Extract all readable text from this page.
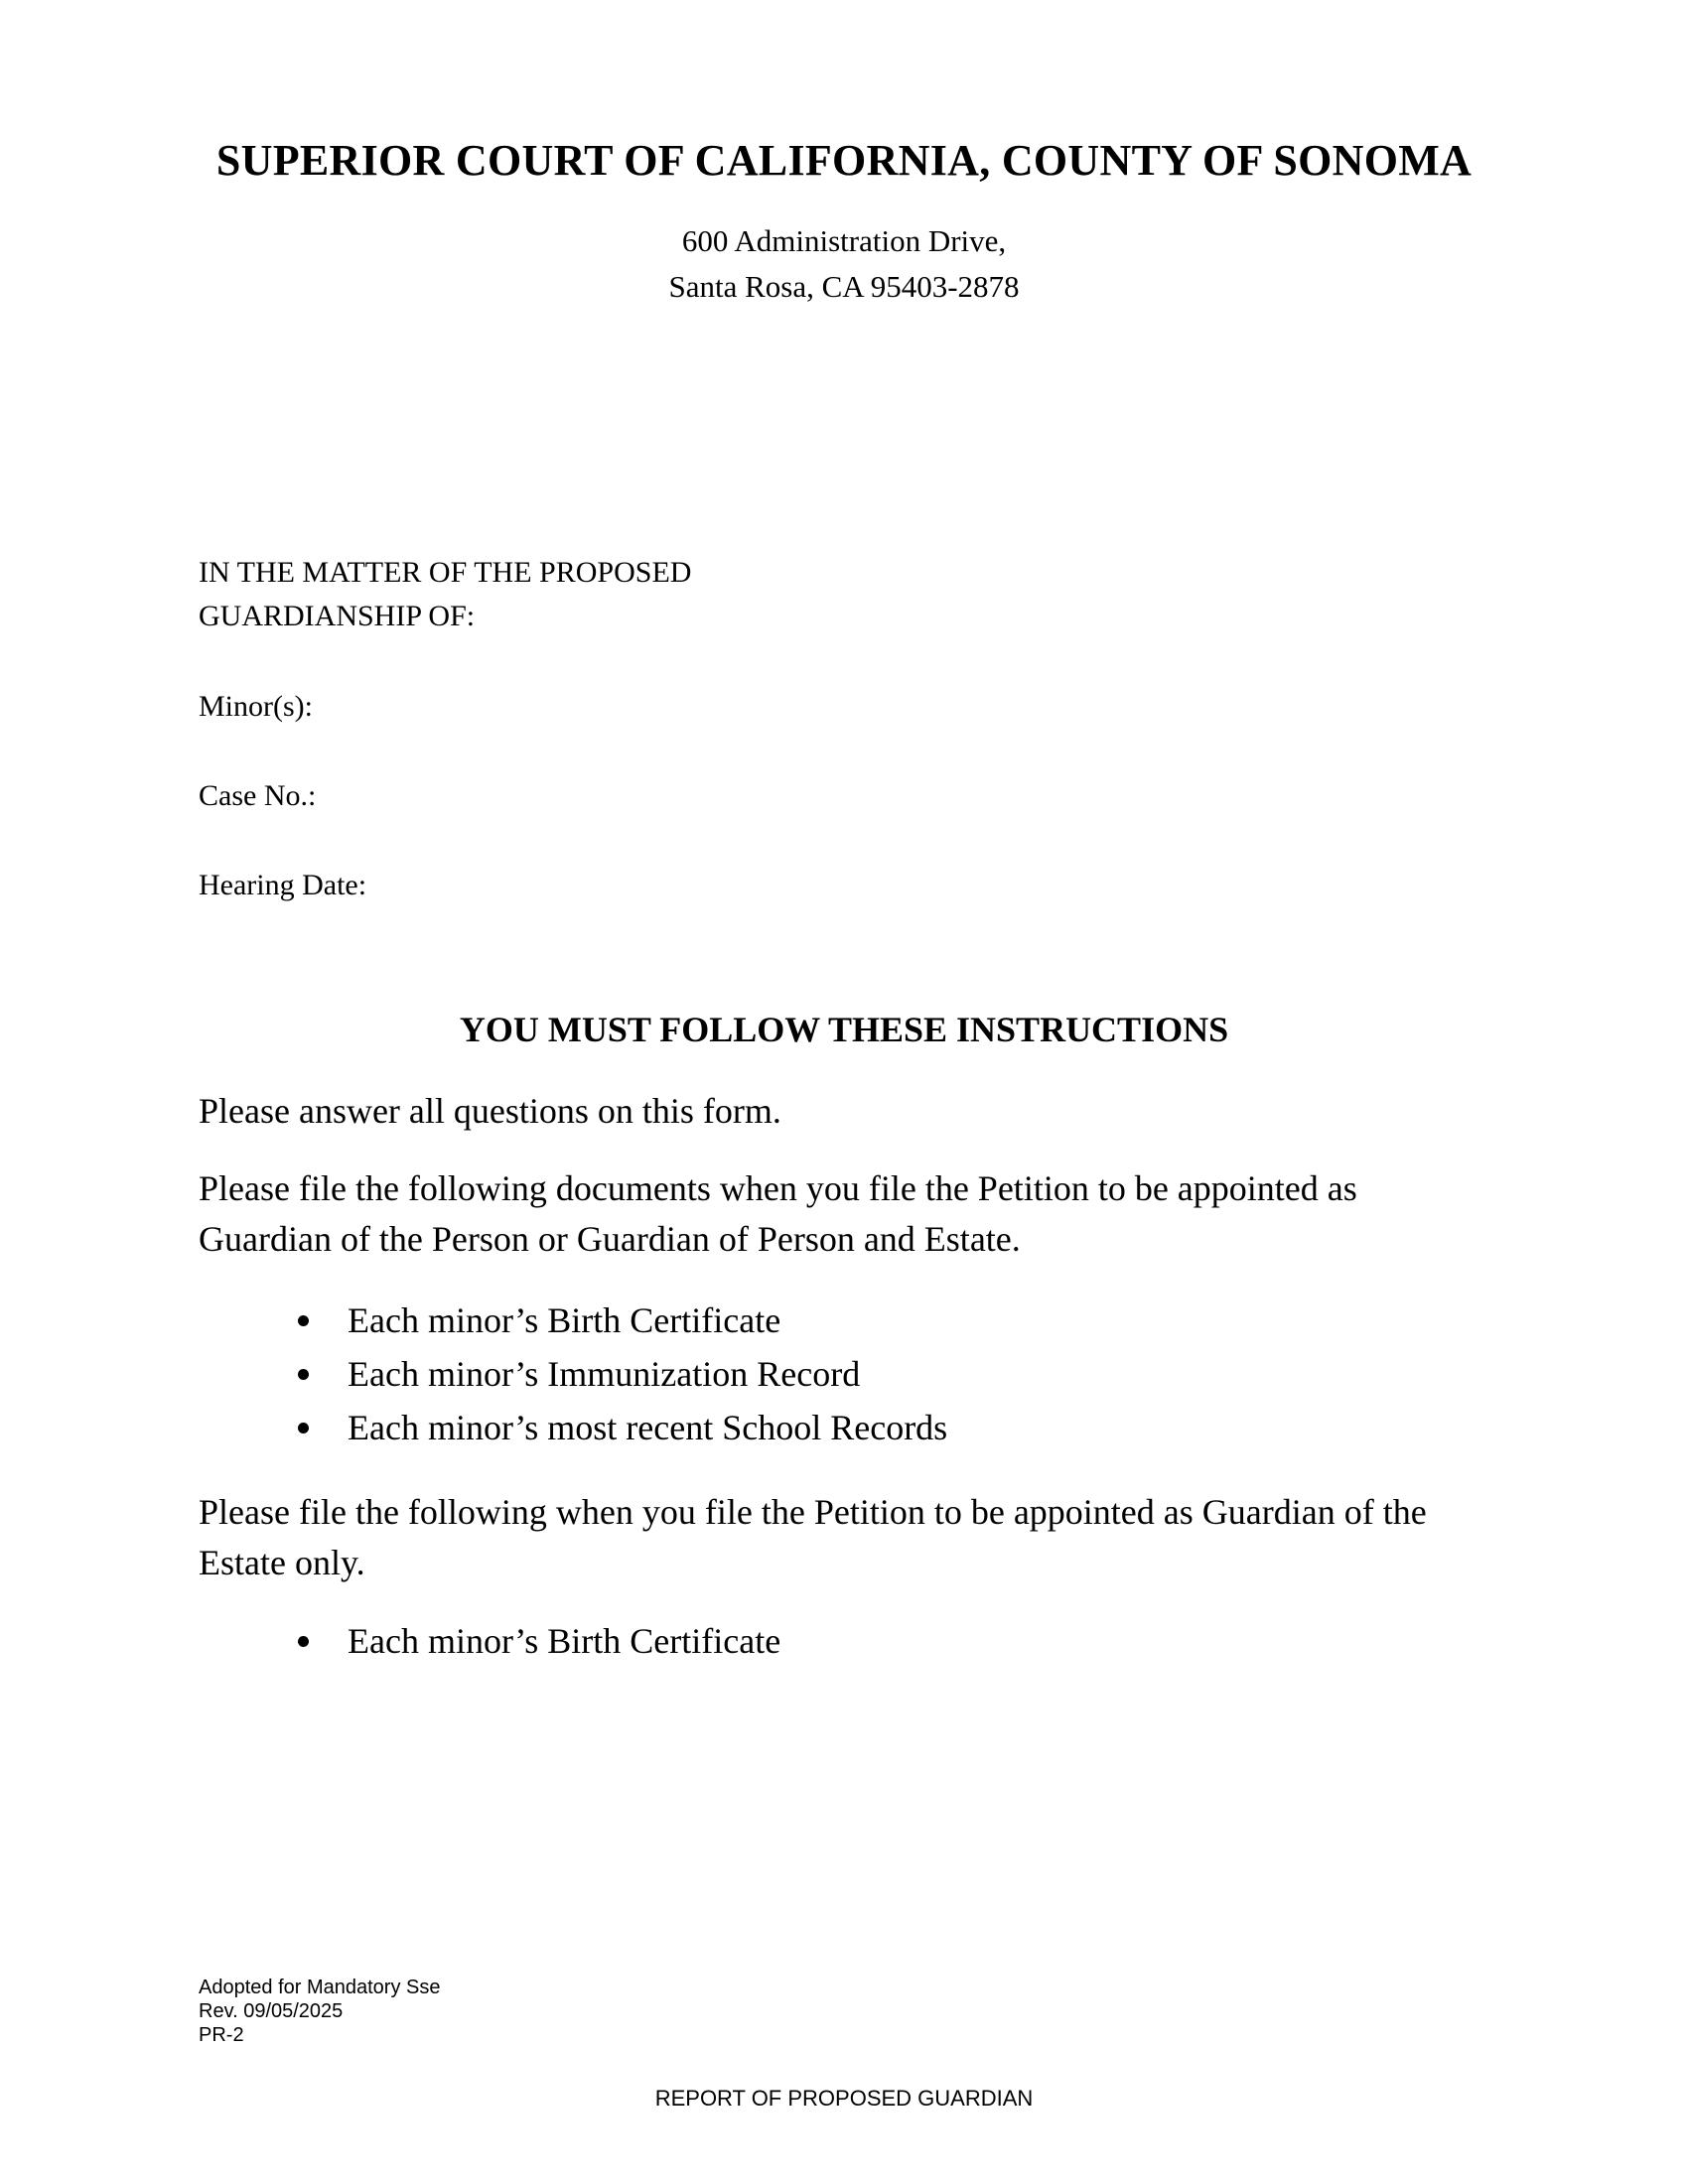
SUPERIOR COURT OF CALIFORNIA, COUNTY OF SONOMA
600 Administration Drive,
Santa Rosa, CA 95403-2878
IN THE MATTER OF THE PROPOSED
GUARDIANSHIP OF:
Minor(s):
Case No.:
Hearing Date:
YOU MUST FOLLOW THESE INSTRUCTIONS
Please answer all questions on this form.
Please file the following documents when you file the Petition to be appointed as Guardian of the Person or Guardian of Person and Estate.
Each minor’s Birth Certificate
Each minor’s Immunization Record
Each minor’s most recent School Records
Please file the following when you file the Petition to be appointed as Guardian of the Estate only.
Each minor’s Birth Certificate
Adopted for Mandatory Sse
Rev. 09/05/2025
PR-2
REPORT OF PROPOSED GUARDIAN
